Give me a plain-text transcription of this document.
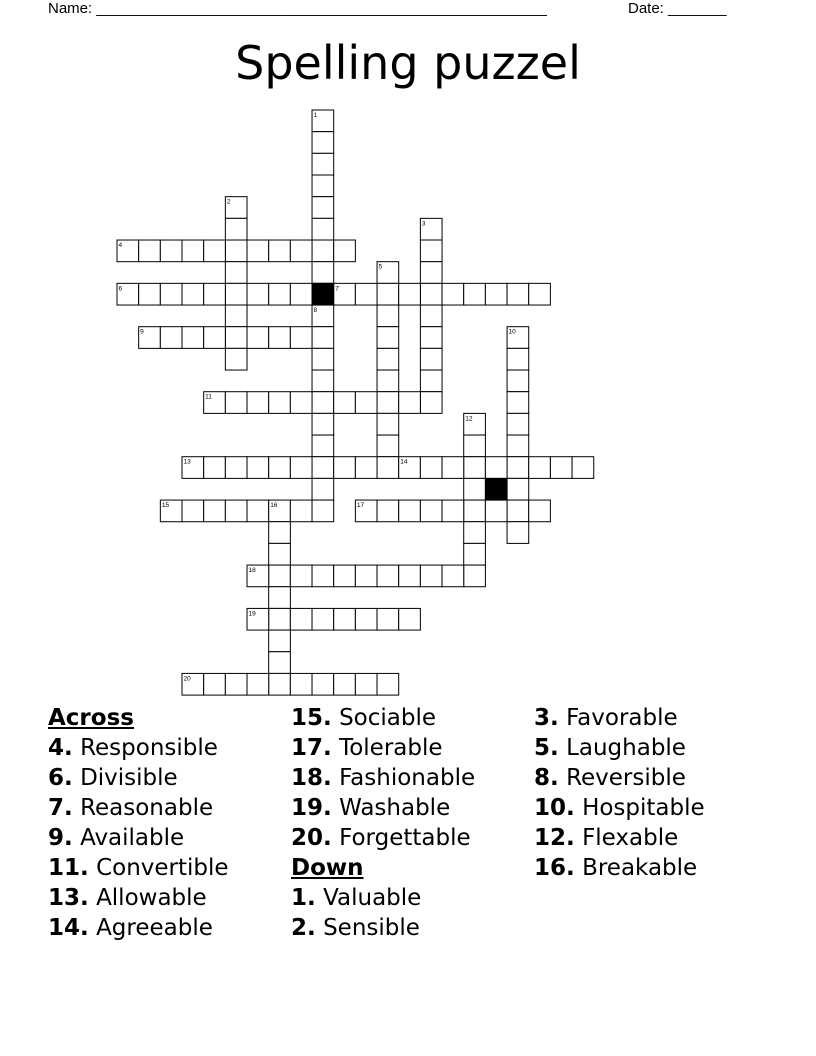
Name: ______________________________________________________	Date: _______
Spelling puzzel
1
2
3
4
5
6	7
8
9	10
11
12
13	14
15	16	17
18
19
20
Across
4. Responsible
6. Divisible
7. Reasonable
9. Available
11. Convertible
13. Allowable
14. Agreeable
15. Sociable
17. Tolerable
18. Fashionable
19. Washable
20. Forgettable
Down
1. Valuable
2. Sensible
3. Favorable
5. Laughable
8. Reversible
10. Hospitable
12. Flexable
16. Breakable
